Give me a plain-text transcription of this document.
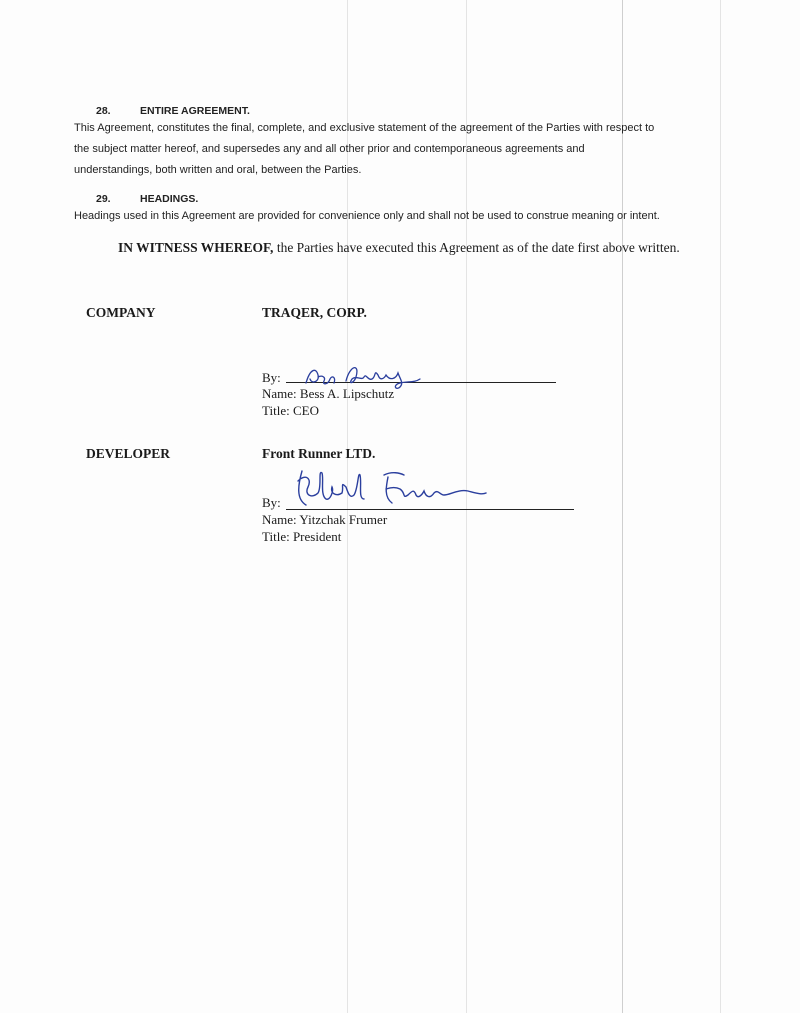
28.	ENTIRE AGREEMENT.
This Agreement, constitutes the final, complete, and exclusive statement of the agreement of the Parties with respect to
the subject matter hereof, and supersedes any and all other prior and contemporaneous agreements and
understandings, both written and oral, between the Parties.
29.	HEADINGS.
Headings used in this Agreement are provided for convenience only and shall not be used to construe meaning or intent.
IN WITNESS WHEREOF, the Parties have executed this Agreement as of the date first above written.
COMPANY	TRAQER, CORP.
By:
Name: Bess A. Lipschutz
Title: CEO
DEVELOPER	Front Runner LTD.
By:
Name: Yitzchak Frumer
Title: President
